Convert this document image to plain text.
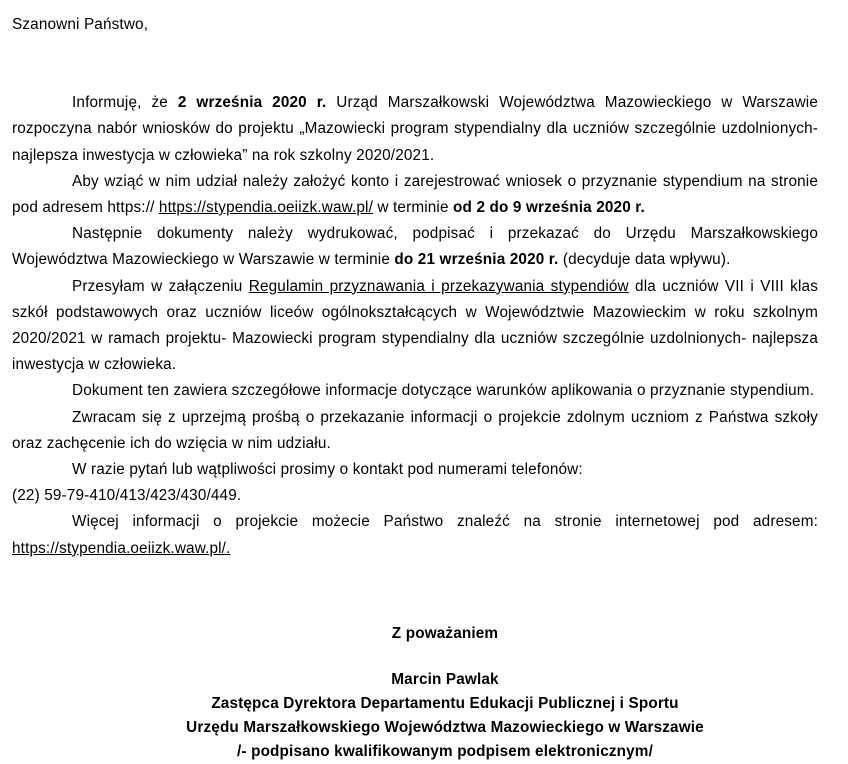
Szanowni Państwo,

Informuję, że 2 września 2020 r. Urząd Marszałkowski Województwa Mazowieckiego w Warszawie rozpoczyna nabór wniosków do projektu „Mazowiecki program stypendialny dla uczniów szczególnie uzdolnionych- najlepsza inwestycja w człowieka” na rok szkolny 2020/2021.

Aby wziąć w nim udział należy założyć konto i zarejestrować wniosek o przyznanie stypendium na stronie pod adresem https:// https://stypendia.oeiizk.waw.pl/ w terminie od 2 do 9 września 2020 r.

Następnie dokumenty należy wydrukować, podpisać i przekazać do Urzędu Marszałkowskiego Województwa Mazowieckiego w Warszawie w terminie do 21 września 2020 r. (decyduje data wpływu).

Przesyłam w załączeniu Regulamin przyznawania i przekazywania stypendiów dla uczniów VII i VIII klas szkół podstawowych oraz uczniów liceów ogólnokształcących w Województwie Mazowieckim w roku szkolnym 2020/2021 w ramach projektu- Mazowiecki program stypendialny dla uczniów szczególnie uzdolnionych- najlepsza inwestycja w człowieka.

Dokument ten zawiera szczegółowe informacje dotyczące warunków aplikowania o przyznanie stypendium.

Zwracam się z uprzejmą prośbą o przekazanie informacji o projekcie zdolnym uczniom z Państwa szkoły oraz zachęcenie ich do wzięcia w nim udziału.

W razie pytań lub wątpliwości prosimy o kontakt pod numerami telefonów:

(22) 59-79-410/413/423/430/449.

Więcej informacji o projekcie możecie Państwo znaleźć na stronie internetowej pod adresem: https://stypendia.oeiizk.waw.pl/.

Z poważaniem

Marcin Pawlak

Zastępca Dyrektora Departamentu Edukacji Publicznej i Sportu

Urzędu Marszałkowskiego Województwa Mazowieckiego w Warszawie

/- podpisano kwalifikowanym podpisem elektronicznym/
